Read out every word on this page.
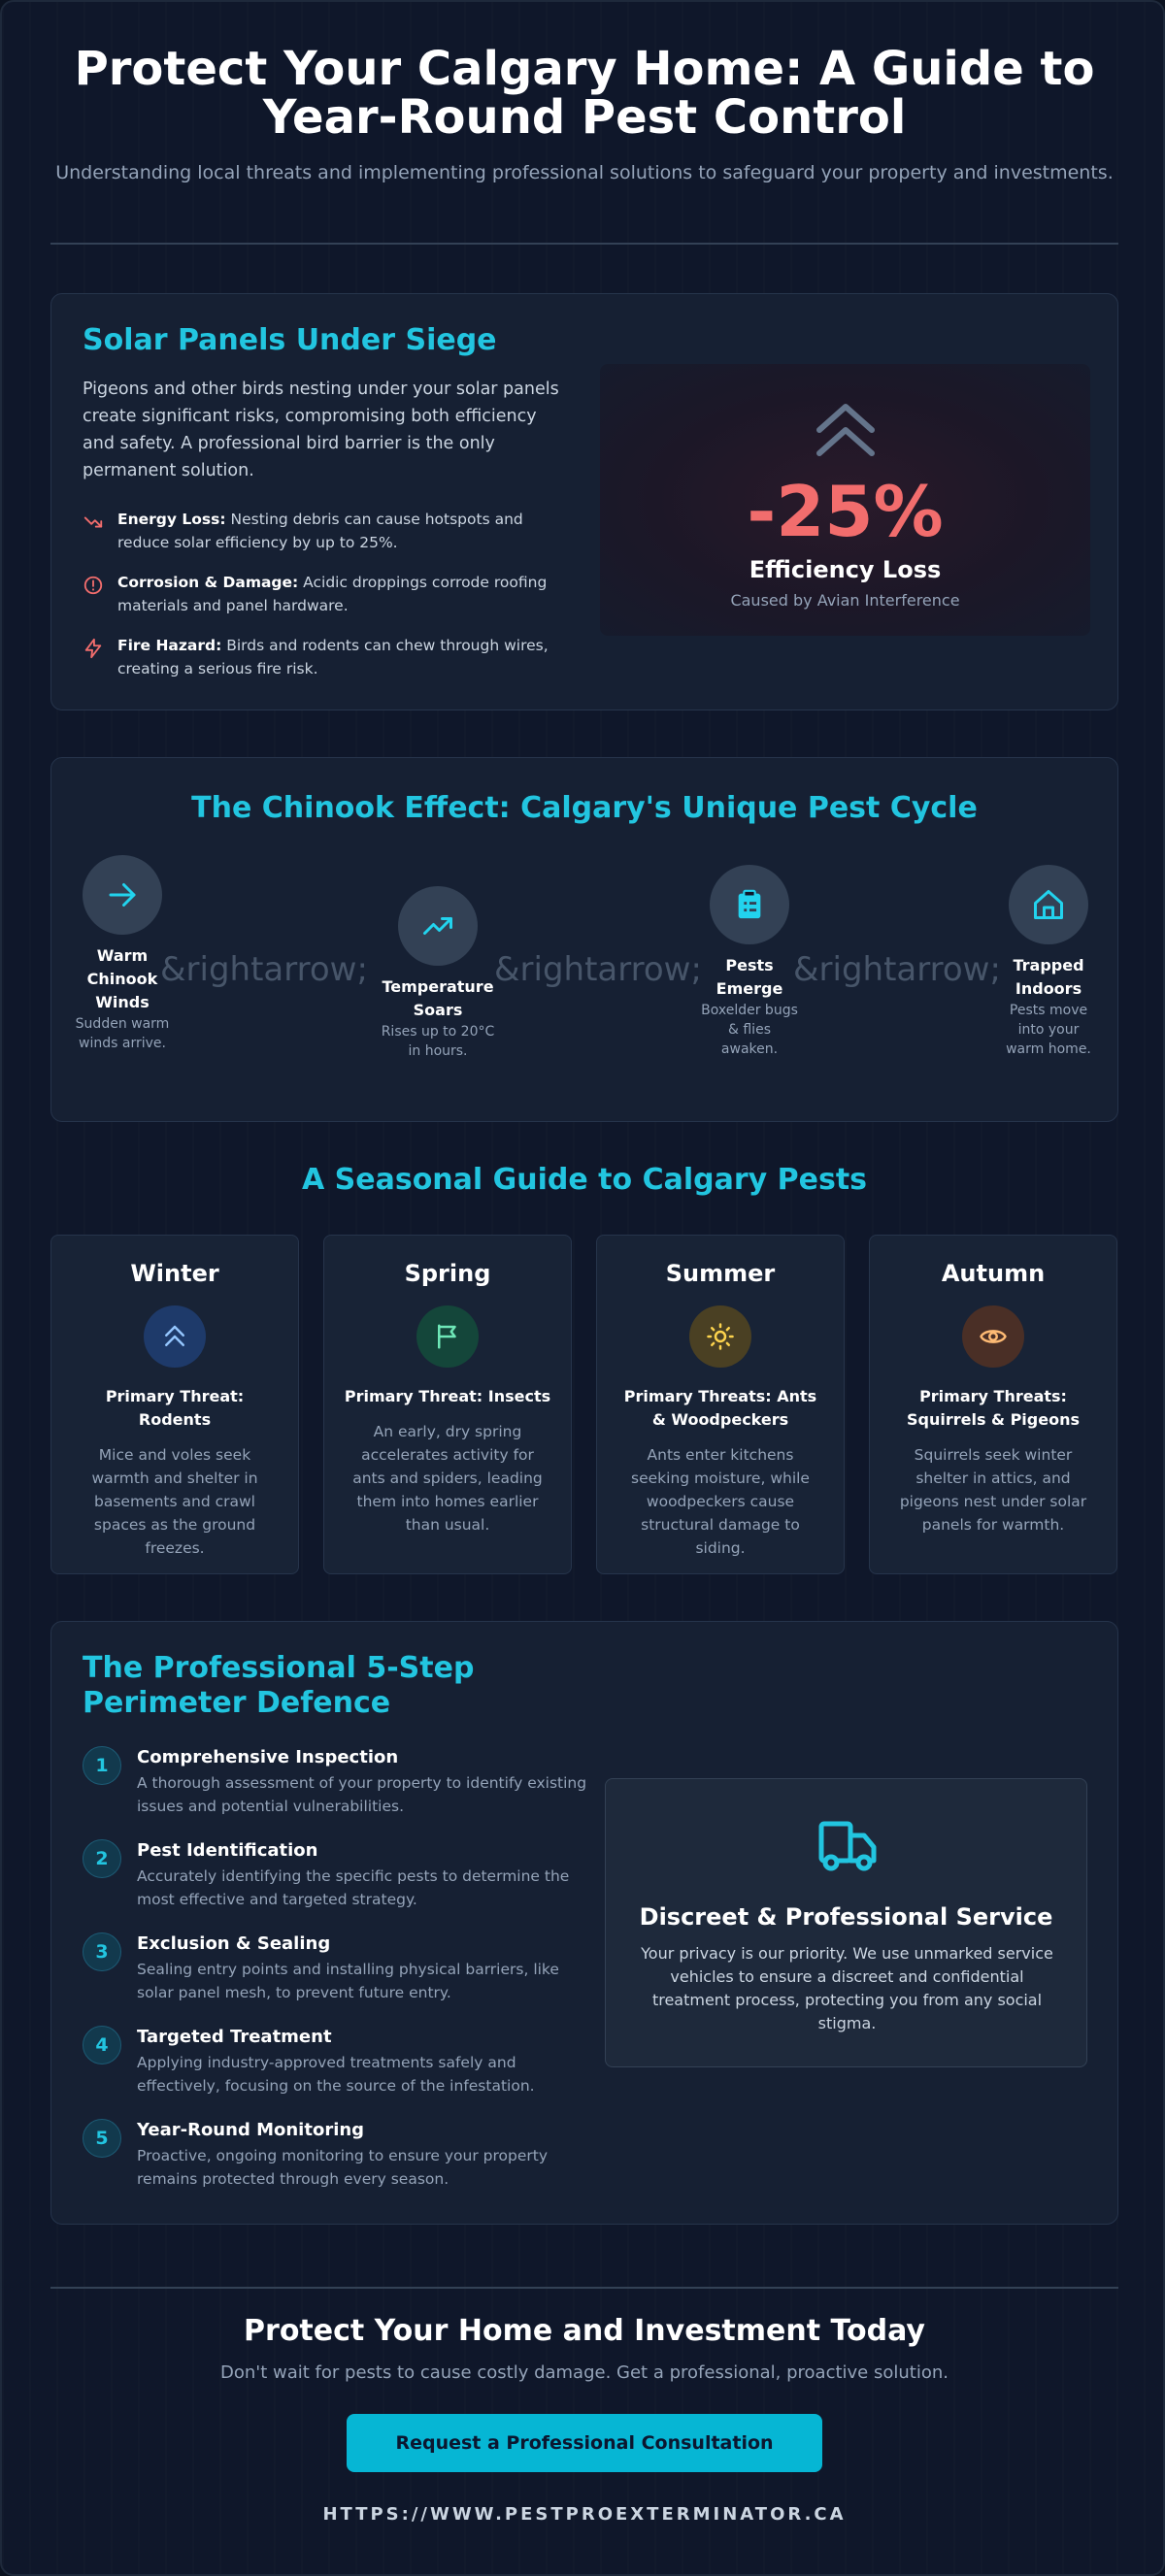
Protect Your Calgary Home: A Guide to Year-Round Pest Control

Understanding local threats and implementing professional solutions to safeguard your property and investments.

Solar Panels Under Siege

Pigeons and other birds nesting under your solar panels create significant risks, compromising both efficiency and safety. A professional bird barrier is the only permanent solution.

Energy Loss: Nesting debris can cause hotspots and reduce solar efficiency by up to 25%.
Corrosion & Damage: Acidic droppings corrode roofing materials and panel hardware.
Fire Hazard: Birds and rodents can chew through wires, creating a serious fire risk.
-25%
Efficiency Loss
Caused by Avian Interference
The Chinook Effect: Calgary's Unique Pest Cycle
Warm Chinook Winds
Sudden warm winds arrive.
&rightarrow; Temperature Soars
Rises up to 20°C in hours.
&rightarrow;	Pests Emerge
Boxelder bugs & flies awaken.
&rightarrow; Trapped Indoors
Pests move into your warm home.
A Seasonal Guide to Calgary Pests
Winter
Primary Threat: Rodents
Mice and voles seek warmth and shelter in basements and crawl spaces as the ground freezes.
Spring
Primary Threat: Insects
An early, dry spring accelerates activity for ants and spiders, leading them into homes earlier than usual.
Summer
Primary Threats: Ants & Woodpeckers
Ants enter kitchens seeking moisture, while woodpeckers cause structural damage to siding.
Autumn
Primary Threats: Squirrels & Pigeons
Squirrels seek winter shelter in attics, and pigeons nest under solar panels for warmth.
The Professional 5-Step Perimeter Defence
1	Comprehensive Inspection
A thorough assessment of your property to identify existing issues and potential vulnerabilities.
2	Pest Identification
Accurately identifying the specific pests to determine the most effective and targeted strategy.
3	Exclusion & Sealing
Sealing entry points and installing physical barriers, like solar panel mesh, to prevent future entry.
4	Targeted Treatment
Applying industry-approved treatments safely and effectively, focusing on the source of the infestation.
5	Year-Round Monitoring
Proactive, ongoing monitoring to ensure your property remains protected through every season.
Discreet & Professional Service

Your privacy is our priority. We use unmarked service vehicles to ensure a discreet and confidential treatment process, protecting you from any social stigma.

Protect Your Home and Investment Today

Don't wait for pests to cause costly damage. Get a professional, proactive solution.

Request a Professional Consultation
HTTPS://WWW.PESTPROEXTERMINATOR.CA
